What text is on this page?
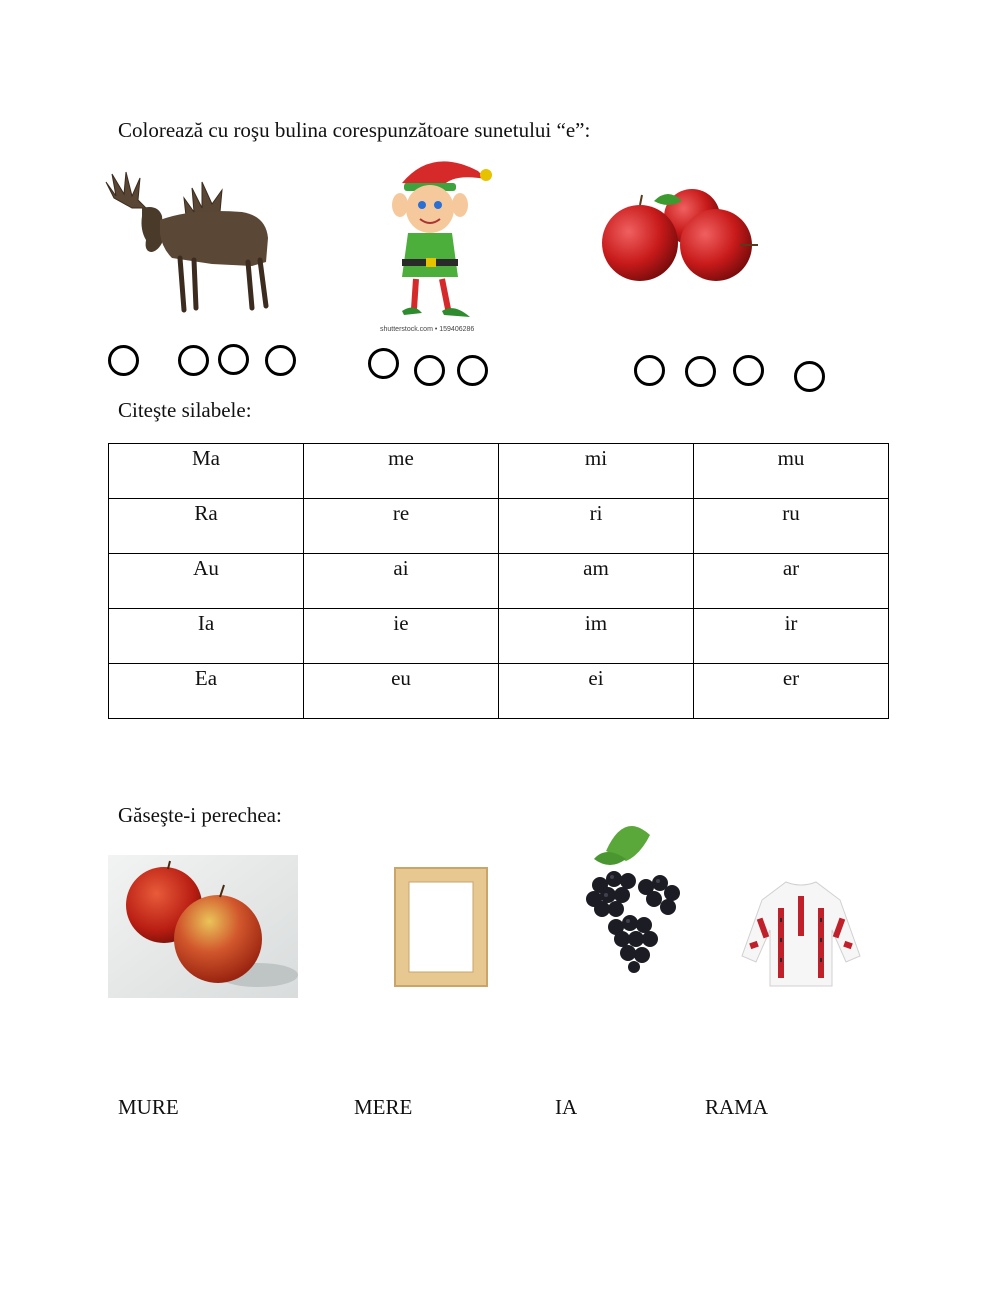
Colorează cu roşu bulina corespunzătoare sunetului “e”:
shutterstock.com • 159406286
Citeşte silabele:
Ma	me	mi	mu
Ra	re	ri	ru
Au	ai	am	ar
Ia	ie	im	ir
Ea	eu	ei	er
Găseşte-i perechea:
MURE	MERE	IA	RAMA
